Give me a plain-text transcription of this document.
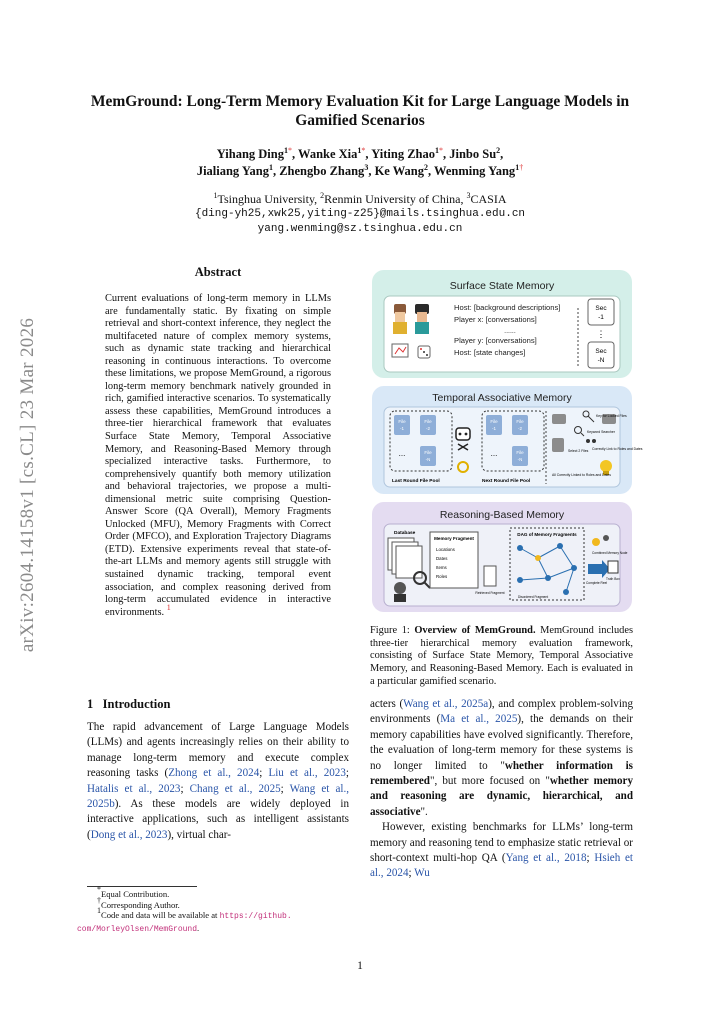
arXiv:2604.14158v1 [cs.CL] 23 Mar 2026
MemGround: Long-Term Memory Evaluation Kit for Large Language Models in Gamified Scenarios
Yihang Ding$^{1*}$, Wanke Xia$^{1*}$, Yiting Zhao$^{1*}$, Jinbo Su$^2$,
Jialiang Yang$^1$, Zhengbo Zhang$^3$, Ke Wang$^2$, Wenming Yang$^{1\dagger}$
$^1$Tsinghua University, $^2$Renmin University of China, $^3$CASIA
{ding-yh25,xwk25,yiting-z25}@mails.tsinghua.edu.cn
yang.wenming@sz.tsinghua.edu.cn
Abstract
Current evaluations of long-term memory in LLMs are fundamentally static. By fixating on simple retrieval and short-context inference, they neglect the multifaceted nature of complex memory systems, such as dynamic state tracking and hierarchical reasoning in continuous interactions. To overcome these limitations, we propose MemGround, a rigorous long-term memory benchmark natively grounded in rich, gamified interactive scenarios. To systematically assess these capabilities, MemGround introduces a three-tier hierarchical framework that evaluates Surface State Memory, Temporal Associative Memory, and Reasoning-Based Memory through specialized interactive tasks. Furthermore, to comprehensively quantify both memory utilization and behavioral trajectories, we propose a multi-dimensional metric suite comprising Question-Answer Score (QA Overall), Memory Fragments Unlocked (MFU), Memory Fragments with Correct Order (MFCO), and Exploration Trajectory Diagrams (ETD). Extensive experiments reveal that state-of-the-art LLMs and memory agents still struggle with sustained dynamic tracking, temporal event association, and complex reasoning derived from long-term accumulated evidence in interactive environments. $^1$
1 Introduction
The rapid advancement of Large Language Models (LLMs) and agents increasingly relies on their ability to manage long-term memory and execute complex reasoning tasks (Zhong et al., 2024; Liu et al., 2023; Hatalis et al., 2023; Chang et al., 2025; Wang et al., 2025b). As these models are widely deployed in interactive applications, such as intelligent assistants (Dong et al., 2023), virtual char-

acters (Wang et al., 2025a), and complex problem-solving environments (Ma et al., 2025), the demands on their memory capabilities have evolved significantly. Therefore, the evaluation of long-term memory for these systems is no longer limited to "whether information is remembered", but more focused on "whether memory and reasoning are dynamic, hierarchical, and associative".

However, existing benchmarks for LLMs’ long-term memory and reasoning tend to emphasize static retrieval or short-context multi-hop QA (Yang et al., 2018; Hsieh et al., 2024; Wu

*Equal Contribution.
†Corresponding Author.
$^1$Code and data will be available at https://github.
com/MorleyOlsen/MemGround.
Surface State Memory
Host: [background descriptions]
Player x: [conversations]
......
Player y: [conversations]
Host: [state changes]
Sec
-1
⋮
Sec
-N
Temporal Associative Memory
File
-1
File
-2
...	File
-N
File
-1
File
-2
...	File
-N
Last Round File Pool	Next Round File Pool
Key for Locked Files
Keyword Searcher
Select 2 Files Correctly Link to Roles and Dates
All Correctly Linked to Roles and Dates
Reasoning-Based Memory
Database
Memory Fragment
Locations
Dates
Items
Roles
Retrieved Fragment
DAG of Memory Fragments
Combined Memory Node
Complete Reel
Truth Box
Disordered Fragment
Figure 1: Overview of MemGround. MemGround includes three-tier hierarchical memory evaluation framework, consisting of Surface State Memory, Temporal Associative Memory, and Reasoning-Based Memory. Each is evaluated in a particular gamified scenario.
1
